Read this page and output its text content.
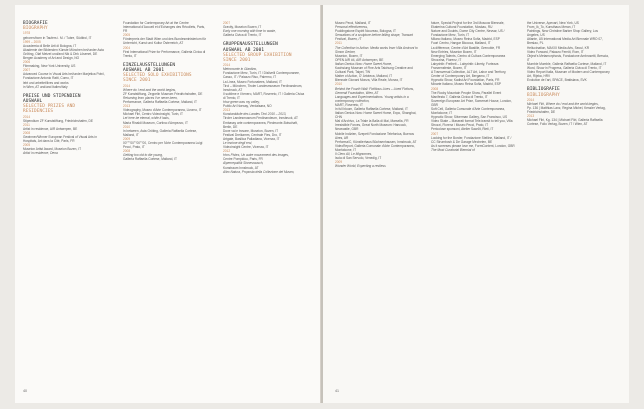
BIOGRAFIE
BIOGRAPHY
1978
geboren/born in Taufers i. M. / Tubre, Südtirol, IT
1999 – 2005
Accademia di Belle Arti di Bologna, IT
Akademie der Bildenden Künste München bei/under Asta Gröting, Olaf Metzel und/and Nik & Dirk Lösenet, DE
Bergen Academy of Art and Design, NO
2006
Filmmaking, New York University, US
2007
Advanced Course in Visual Arts bei/under Marjetica Potrč, Fondazione Antonio Ratti, Como, IT
lebt und arbeitet/lives and works
in Wien, AT und/and Italien/Italy
PREISE UND STIPENDIEN
AUSWAHL
SELECTED PRIZES AND
RESIDENCIES
2014
Stipendium ZF Kunststiftung, Friedrichshafen, DE
2011
Artist in residence, AIR Antwerpen, BE
2008
Gewinner/Winner European Festival of Visual Arts in Hospitals, Art dans la Cité, Paris, FR
2005
Museion Artist Award, Museion Bozen, IT
Artist in residence, Dena
Foundation for Contemporary Art at the Centre International d'Accueil et d'Echanges des Récollets, Paris, FR
2005
Förderpreis der Stadt Wien und des Bundesministerium für Unterricht, Kunst und Kultur Österreich, AT
2004
First International Prize for Performance, Galleria Civica di Trento, IT
EINZELAUSSTELLUNGEN
AUSWAHL AB 2001
SELECTED SOLO EXHIBITIONS
SINCE 2001
2014
Where do I end and the world begins,
ZF Kunststiftung, Zeppelin Museum Friedrichshafen, DE
Returning from places I've never been,
Performance, Galleria Raffaella Cortese, Mailand, IT
2013
Videography, Museo d'Arte Contemporanea, Livorno, IT
Michael Fliri, Centro Videoinsight, Turin, IT
Let here be eternal, while it lasts,
Maria Rinaldi Museum, Cortina d'Ampezzo, IT
2010
In between, Asta Gröting, Galleria Raffaella Cortese, Mailand, IT
2009
00°°°00°°00°°00, Centro per l'Arte Contemporanea Luigi Pecci, Prato, IT
2008
Getting too old to die young,
Galleria Raffaella Cortese, Mailand, IT
2007
Gravity, Museion Bozen, IT
Early one morning with time to waste,
Galleria Civica di Trento, IT
GRUPPENAUSSTELLUNGEN
AUSWAHL AB 2001
SELECTED GROUP EXHIBITION
SINCE 2001
2014
Metronomie in Giardino,
Fondazione Merz, Turin, IT / Dislivelli Contemporanee, Casso, IT / Palazzo Riso, Palermo, IT
La Linea, Museo Fortunatees, Mailand, IT
Tirol – München, Tiroler Landesmuseum Ferdinandeum, Innsbruck, AT
Il sublime e il tenero, MART, Rovereto, IT / Galleria Civica di Trento, IT
How green was my valley,
Public Art Norway, Verdalsøra, NO
2013
Kunstankäufe des Landes Tirol 2010 – 2013,
Tiroler Landesmuseum Ferdinandeum, Innsbruck, AT
Embassy arte contemporanea, Piedmonte-Botschaft, Berlin, DE
Dove vai e trovare, Museion, Bozen, IT
Festival Dreikamm, Centrale Fies, Dro, IT
Artgate, Basilica Palladiana, Vicenza, IT
Le lezione degli eroi,
Videoinsight Centre, Vicenza, IT
2012
Hors Pistes, Un autre mouvement des images,
Centre Pompidou, Paris, FR
Alpenrepublik Sinnesrausch,
Kunstraum Innsbruck, AT
Altro Natura, Proposta della Collezione del Museo,
40
Museo Pecci, Mailand, IT
Personal effectiveness,
Puddingstone Espirit Nouveau, Bologna, IT
Sensations of a sculpture before falling shape, Transart Festival, Bozen, IT
2011
The Collection in Action. Media works from Villa Amiconi to Simon Gerber,
Museion, Bozen, IT
OPEN AIR #4, AIR Antwerpen, BE
Italian Genius Now: Home Sweet Home,
Kaohsiung Museum of Fine Arts Taichung Creative and Cultural Park, Taipei, TW
Matter of Action, O' Artoteca, Mailand, IT
Biennale Giovani Monza, Villa Reale, Monza, IT
2010
Behind the Fourth Wall: Fictitious Lives – Lived Fictions, Generali Foundation, Wien, AT
Languages and Experimentations. Young artists in a contemporary collection,
MART, Rovereto, IT
In full bloom, Galleria Raffaella Cortese, Mailand, IT
Italian Genius Now: Home Sweet Home, Expo, Shanghai, CHN
Mal d'Archivo, La Triale la Balla di Mai, Marsella, FR
Irresistible Forces, Great North Museum: Hancock, Newcastle, GBR
Mobile Indizien, Szepeti Fondazione Telefonica, Buenos Aires, AR
Performa/C, Künstlerhaus Büchsenhausen, Innsbruck, AT
VideoReport, Galleria Comunale d'Arte Contemporanea, Monfalcone, IT
Il Clero All, Le Mignonnes,
Isola di San Servolo, Venedig, IT
2009
Wonder World, Expecting a restless
future, Special Project for the 3rd Moscow Biennale, Ekaterina Cultural Foundation, Moskau, RU
Nature and Doubts, Dome City Centre, Nevsar, US / Fondazione Merz, Turin, IT
Milano Italiano, Museo Reina Sofia, Madrid, ESP
Fuori Centro, Hangar Bicocca, Mailand, IT
La différence, Centre d'Art Bastille, Grenoble, FR
New Entries, Museion Bozen, IT
Emerging Talents, Centro di Cultura Contemporanea Strozzina, Florenz, IT
Labyrinth::Freiheit – Labyrinth::Liberty, Fortezza Franzensfeste, Bozen, IT
A Transversal Collection, ALT Art, Labor and Territory, Center of Contemporary Art, Bergamo, IT
Hypnotic Show, Kadist Art Foundation, Paris, FR
Mixarte Italiano, Museo Reina Sofia, Madrid, ESP
2008
The Rocky Mountain People Show, Parallel Event Manifesta 7, Galleria Civica di Trento, IT
Sovereign European Art Prize, Somerset House, London, GBR
Soft Cell, Galleria Comunale d'Arte Contemporanea, Monfalcone, IT
Hypnotic Show, Silverman Gallery, San Francisco, US
Video Skate – Maserati format Tele-transit to tell you, Villa Strozzi, Florenz / Museo Pecci, Prato, IT
Pericolose sponsoni, Atelier Saw4it, Rieti, IT
2007
Looking for the Border, Fondazione Stelline, Mailand, IT / CC Strumbosh & De Garage Mechelen, BE
As it screeses please love me, FormContent, London, GBR
The Most Curatorial Biennial of
the Universe, Apexart, New York, US
From_Ik_To, Kunsthaus Meran, IT
Paintings, New Christine Barker Shop Gallery, Los Angeles, US
Atlante, U5 International Media Art Biennale WRO 07, Breslau, PL
Hellucination, MAXXI Media Arts, Seoul, KR
Video Forward, Palazzo Ferniti, Rom, IT
Object's Metamorphosis, Fondazione Ambrosetti, Brescia, IT
Mumble Mumble, Galleria Raffaella Cortese, Mailand, IT
Word, Show in Progress, Galleria Civica di Trento, IT
Video Report Italia, Museum of Modern and Contemporary Art, Rijeka, HRV
Evolution de l'art, SPACE, Bratislava, SVK
BIBLIOGRAFIE
BIBLIOGRAPHY
2014
Michael Fliri, Where do I end and the world begins,
Pp. 136 | Matthias Lanz, Regina Michel, Kessler Verlag, Friedrichshafen, DE
2013
Michael Fliri, Kg. 134 | Michael Fliri, Galleria Raffaella Cortese, Folio Verlag, Bozen, IT / Wien, AT
41
